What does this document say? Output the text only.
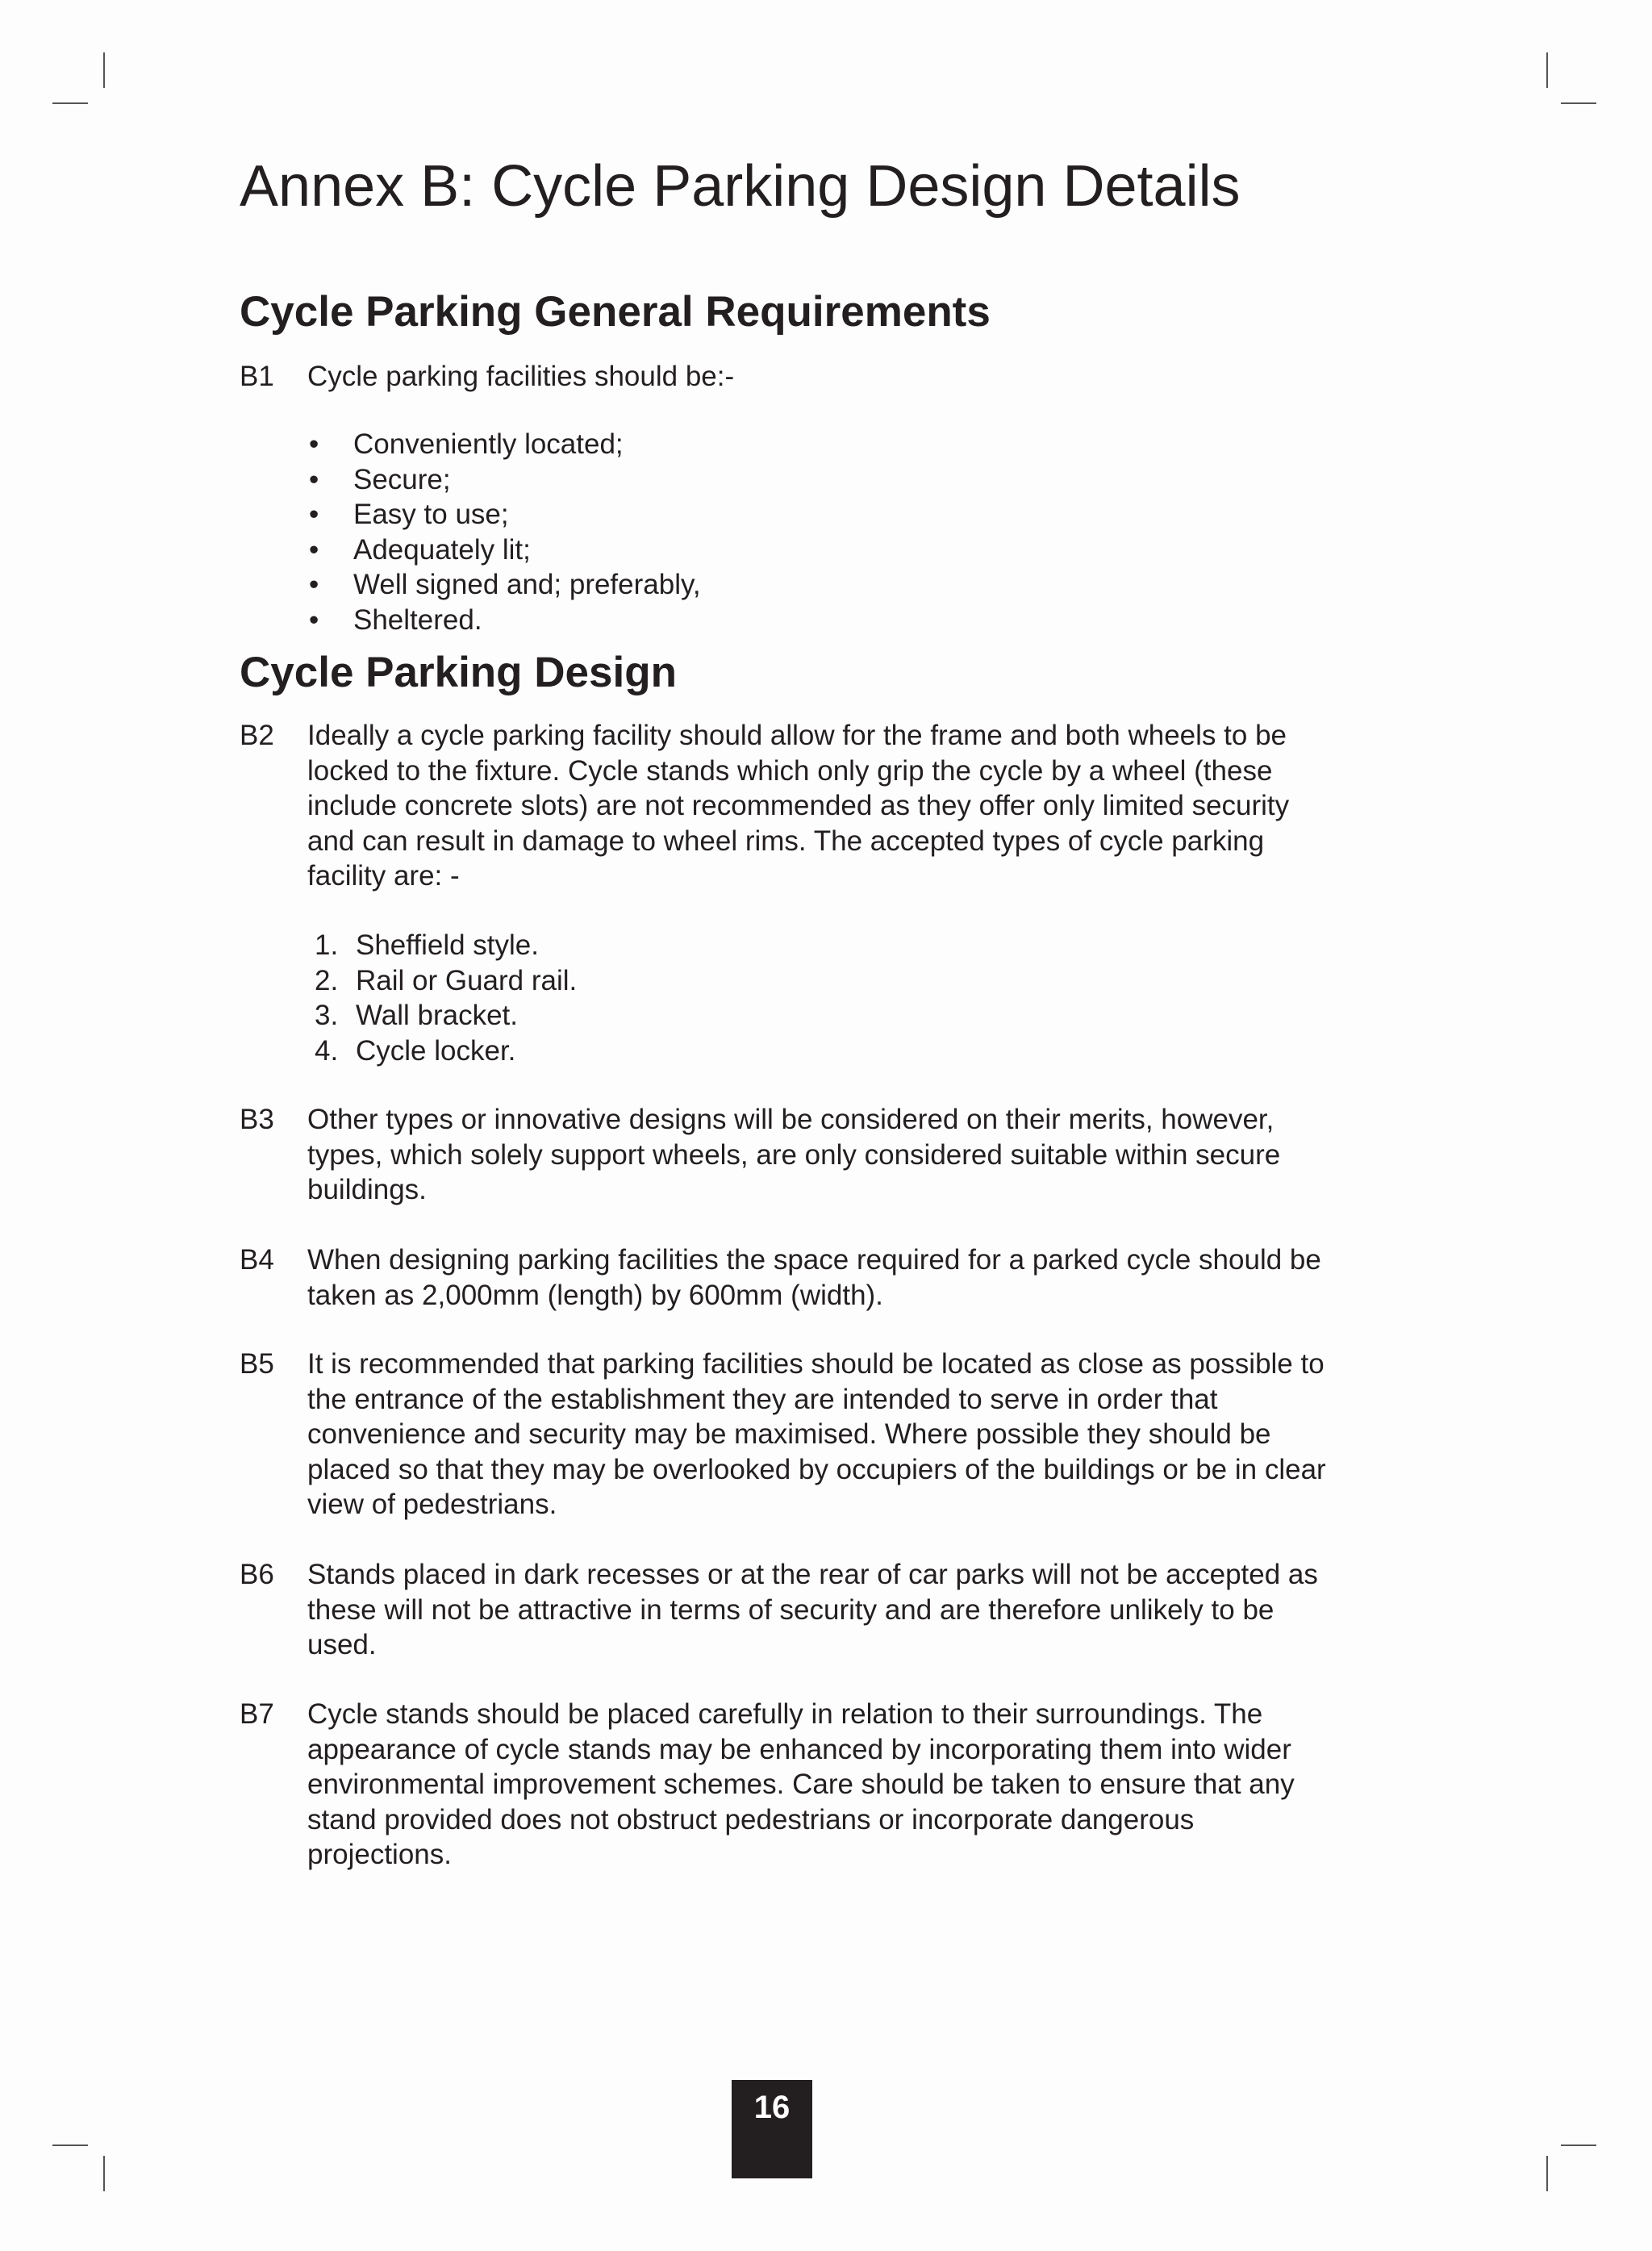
Annex B: Cycle Parking Design Details
Cycle Parking General Requirements
B1 Cycle parking facilities should be:-
• Conveniently located;
• Secure;
• Easy to use;
• Adequately lit;
• Well signed and; preferably,
• Sheltered.
Cycle Parking Design
B2 Ideally a cycle parking facility should allow for the frame and both wheels to be locked to the fixture. Cycle stands which only grip the cycle by a wheel (these include concrete slots) are not recommended as they offer only limited security and can result in damage to wheel rims. The accepted types of cycle parking facility are: -
1. Sheffield style.
2. Rail or Guard rail.
3. Wall bracket.
4. Cycle locker.
B3 Other types or innovative designs will be considered on their merits, however, types, which solely support wheels, are only considered suitable within secure buildings.
B4 When designing parking facilities the space required for a parked cycle should be taken as 2,000mm (length) by 600mm (width).
B5 It is recommended that parking facilities should be located as close as possible to the entrance of the establishment they are intended to serve in order that convenience and security may be maximised. Where possible they should be placed so that they may be overlooked by occupiers of the buildings or be in clear view of pedestrians.
B6 Stands placed in dark recesses or at the rear of car parks will not be accepted as these will not be attractive in terms of security and are therefore unlikely to be used.
B7 Cycle stands should be placed carefully in relation to their surroundings. The appearance of cycle stands may be enhanced by incorporating them into wider environmental improvement schemes. Care should be taken to ensure that any stand provided does not obstruct pedestrians or incorporate dangerous projections.
16
